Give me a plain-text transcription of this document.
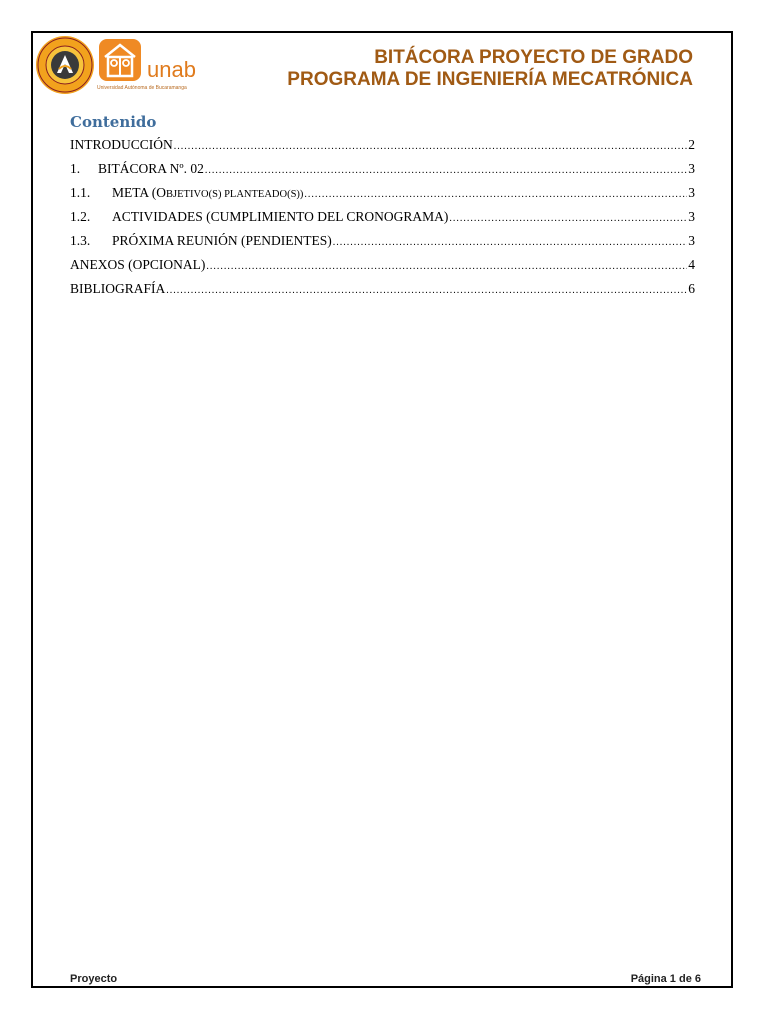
unab
Universidad Autónoma de Bucaramanga
BITÁCORA PROYECTO DE GRADO
PROGRAMA DE INGENIERÍA MECATRÓNICA
Contenido
INTRODUCCIÓN .....	2
1.	BITÁCORA Nº. 02 .....	3
1.1.	META (OBJETIVO(S) PLANTEADO(S)) .....	3
1.2.	ACTIVIDADES (CUMPLIMIENTO DEL CRONOGRAMA) .....	3
1.3.	PRÓXIMA REUNIÓN (PENDIENTES) .....	3
ANEXOS (OPCIONAL) .....	4
BIBLIOGRAFÍA .....	6
Proyecto	Página 1 de 6
